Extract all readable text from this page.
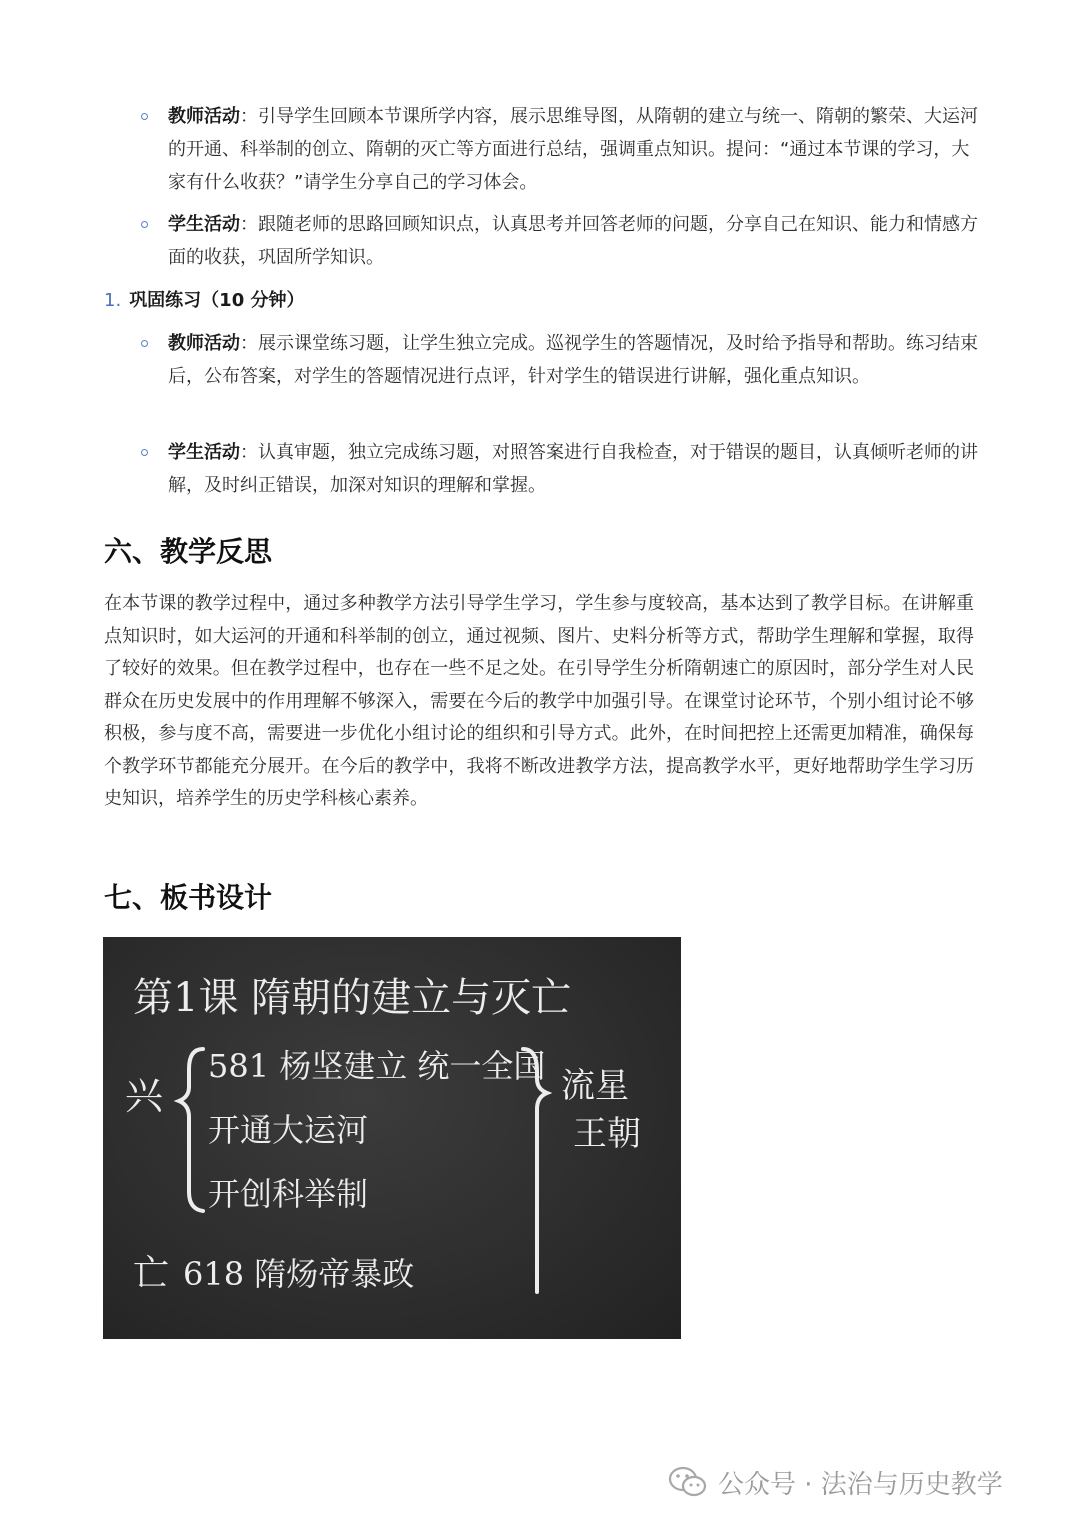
教师活动：引导学生回顾本节课所学内容，展示思维导图，从隋朝的建立与统一、隋朝的繁荣、大运河的开通、科举制的创立、隋朝的灭亡等方面进行总结，强调重点知识。提问：“通过本节课的学习，大家有什么收获？”请学生分享自己的学习体会。
学生活动：跟随老师的思路回顾知识点，认真思考并回答老师的问题，分享自己在知识、能力和情感方面的收获，巩固所学知识。
1. 巩固练习（10 分钟）
教师活动：展示课堂练习题，让学生独立完成。巡视学生的答题情况，及时给予指导和帮助。练习结束后，公布答案，对学生的答题情况进行点评，针对学生的错误进行讲解，强化重点知识。
学生活动：认真审题，独立完成练习题，对照答案进行自我检查，对于错误的题目，认真倾听老师的讲解，及时纠正错误，加深对知识的理解和掌握。
六、教学反思
在本节课的教学过程中，通过多种教学方法引导学生学习，学生参与度较高，基本达到了教学目标。在讲解重点知识时，如大运河的开通和科举制的创立，通过视频、图片、史料分析等方式，帮助学生理解和掌握，取得了较好的效果。但在教学过程中，也存在一些不足之处。在引导学生分析隋朝速亡的原因时，部分学生对人民群众在历史发展中的作用理解不够深入，需要在今后的教学中加强引导。在课堂讨论环节，个别小组讨论不够积极，参与度不高，需要进一步优化小组讨论的组织和引导方式。此外，在时间把控上还需更加精准，确保每个教学环节都能充分展开。在今后的教学中，我将不断改进教学方法，提高教学水平，更好地帮助学生学习历史知识，培养学生的历史学科核心素养。
七、板书设计
第1课 隋朝的建立与灭亡
兴
581 杨坚建立 统一全国
开通大运河
开创科举制
流星
王朝
亡 618 隋炀帝暴政
公众号 · 法治与历史教学
